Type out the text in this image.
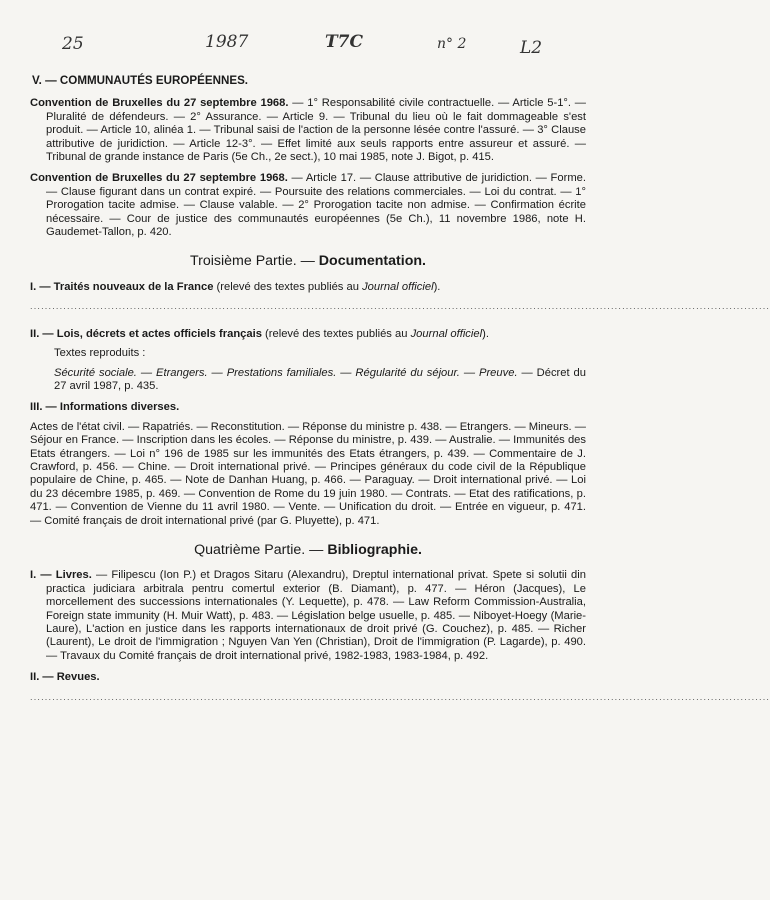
25	1987	T7C	n° 2	L2
V. — COMMUNAUTÉS EUROPÉENNES.

Convention de Bruxelles du 27 septembre 1968. — 1° Responsabilité civile contractuelle. — Article 5-1°. — Pluralité de défendeurs. — 2° Assurance. — Article 9. — Tribunal du lieu où le fait dommageable s'est produit. — Article 10, alinéa 1. — Tribunal saisi de l'action de la personne lésée contre l'assuré. — 3° Clause attributive de juridiction. — Article 12-3°. — Effet limité aux seuls rapports entre assureur et assuré. — Tribunal de grande instance de Paris (5e Ch., 2e sect.), 10 mai 1985, note J. Bigot, p. 415.

Convention de Bruxelles du 27 septembre 1968. — Article 17. — Clause attributive de juridiction. — Forme. — Clause figurant dans un contrat expiré. — Poursuite des relations commerciales. — Loi du contrat. — 1° Prorogation tacite admise. — Clause valable. — 2° Prorogation tacite non admise. — Confirmation écrite nécessaire. — Cour de justice des communautés européennes (5e Ch.), 11 novembre 1986, note H. Gaudemet-Tallon, p. 420.

Troisième Partie. — Documentation.
I. — Traités nouveaux de la France (relevé des textes publiés au Journal officiel).
........................................................................................................................................................................................................
II. — Lois, décrets et actes officiels français (relevé des textes publiés au Journal officiel).
Textes reproduits :

Sécurité sociale. — Etrangers. — Prestations familiales. — Régularité du séjour. — Preuve. — Décret du 27 avril 1987, p. 435.

III. — Informations diverses.

Actes de l'état civil. — Rapatriés. — Reconstitution. — Réponse du ministre p. 438. — Etrangers. — Mineurs. — Séjour en France. — Inscription dans les écoles. — Réponse du ministre, p. 439. — Australie. — Immunités des Etats étrangers. — Loi n° 196 de 1985 sur les immunités des Etats étrangers, p. 439. — Commentaire de J. Crawford, p. 456. — Chine. — Droit international privé. — Principes généraux du code civil de la République populaire de Chine, p. 465. — Note de Danhan Huang, p. 466. — Paraguay. — Droit international privé. — Loi du 23 décembre 1985, p. 469. — Convention de Rome du 19 juin 1980. — Contrats. — Etat des ratifications, p. 471. — Convention de Vienne du 11 avril 1980. — Vente. — Unification du droit. — Entrée en vigueur, p. 471. — Comité français de droit international privé (par G. Pluyette), p. 471.

Quatrième Partie. — Bibliographie.

I. — Livres. — Filipescu (Ion P.) et Dragos Sitaru (Alexandru), Dreptul international privat. Spete si solutii din practica judiciara arbitrala pentru comertul exterior (B. Diamant), p. 477. — Héron (Jacques), Le morcellement des successions internationales (Y. Lequette), p. 478. — Law Reform Commission-Australia, Foreign state immunity (H. Muir Watt), p. 483. — Législation belge usuelle, p. 485. — Niboyet-Hoegy (Marie-Laure), L'action en justice dans les rapports internationaux de droit privé (G. Couchez), p. 485. — Richer (Laurent), Le droit de l'immigration ; Nguyen Van Yen (Christian), Droit de l'immigration (P. Lagarde), p. 490. — Travaux du Comité français de droit international privé, 1982-1983, 1983-1984, p. 492.

II. — Revues.
........................................................................................................................................................................................................
